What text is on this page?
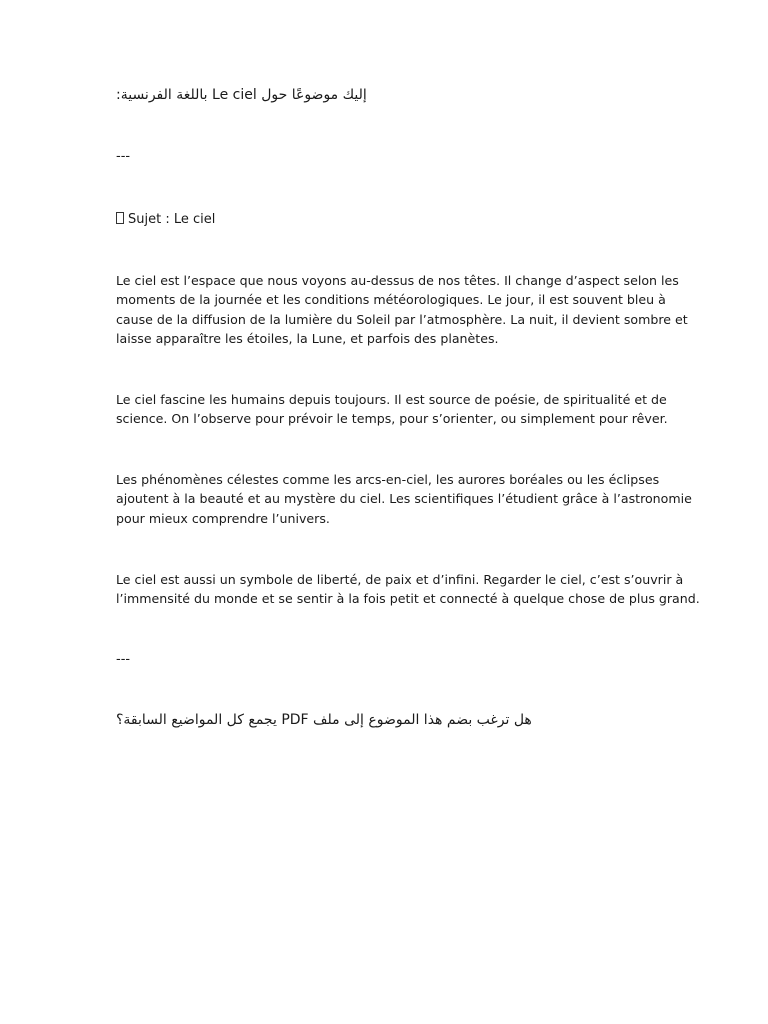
إليك موضوعًا حول Le ciel باللغة الفرنسية:
---
Sujet : Le ciel
Le ciel est l’espace que nous voyons au-dessus de nos têtes. Il change d’aspect selon les
moments de la journée et les conditions météorologiques. Le jour, il est souvent bleu à
cause de la diffusion de la lumière du Soleil par l’atmosphère. La nuit, il devient sombre et
laisse apparaître les étoiles, la Lune, et parfois des planètes.
Le ciel fascine les humains depuis toujours. Il est source de poésie, de spiritualité et de
science. On l’observe pour prévoir le temps, pour s’orienter, ou simplement pour rêver.
Les phénomènes célestes comme les arcs-en-ciel, les aurores boréales ou les éclipses
ajoutent à la beauté et au mystère du ciel. Les scientifiques l’étudient grâce à l’astronomie
pour mieux comprendre l’univers.
Le ciel est aussi un symbole de liberté, de paix et d’infini. Regarder le ciel, c’est s’ouvrir à
l’immensité du monde et se sentir à la fois petit et connecté à quelque chose de plus grand.
---
هل ترغب بضم هذا الموضوع إلى ملف PDF يجمع كل المواضيع السابقة؟
